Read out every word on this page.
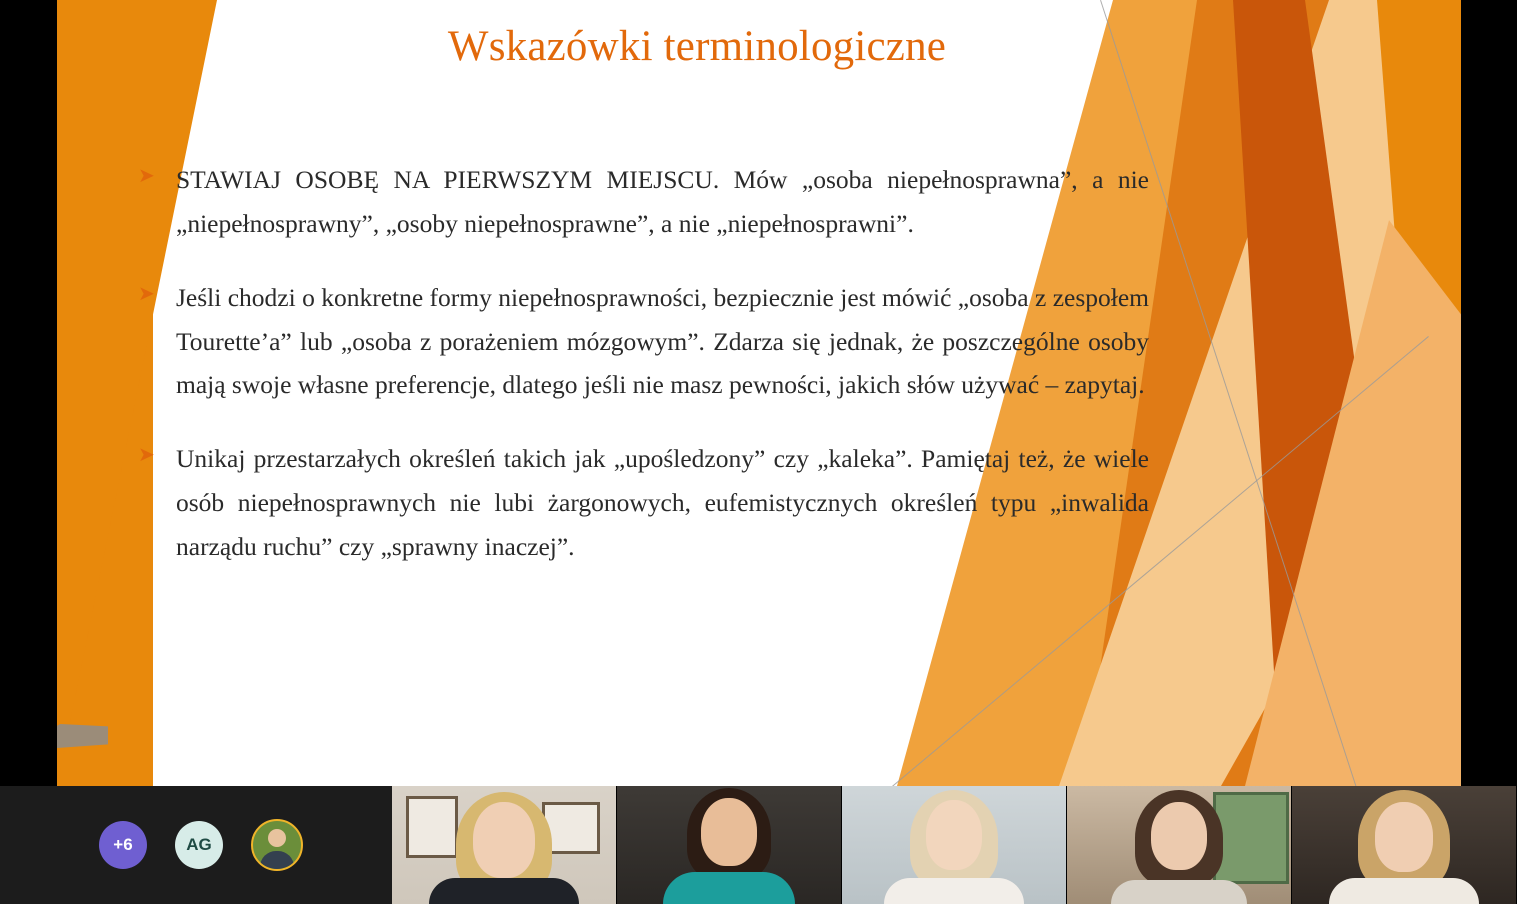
Wskazówki terminologiczne
➤ STAWIAJ OSOBĘ NA PIERWSZYM MIEJSCU. Mów „osoba niepełnosprawna”, a nie „niepełnosprawny”, „osoby niepełnosprawne”, a nie „niepełnosprawni”.
➤ Jeśli chodzi o konkretne formy niepełnosprawności, bezpiecznie jest mówić „osoba z zespołem Tourette’a” lub „osoba z porażeniem mózgowym”. Zdarza się jednak, że poszczególne osoby mają swoje własne preferencje, dlatego jeśli nie masz pewności, jakich słów używać – zapytaj.
➤ Unikaj przestarzałych określeń takich jak „upośledzony” czy „kaleka”. Pamiętaj też, że wiele osób niepełnosprawnych nie lubi żargonowych, eufemistycznych określeń typu „inwalida narządu ruchu” czy „sprawny inaczej”.
+6	AG
